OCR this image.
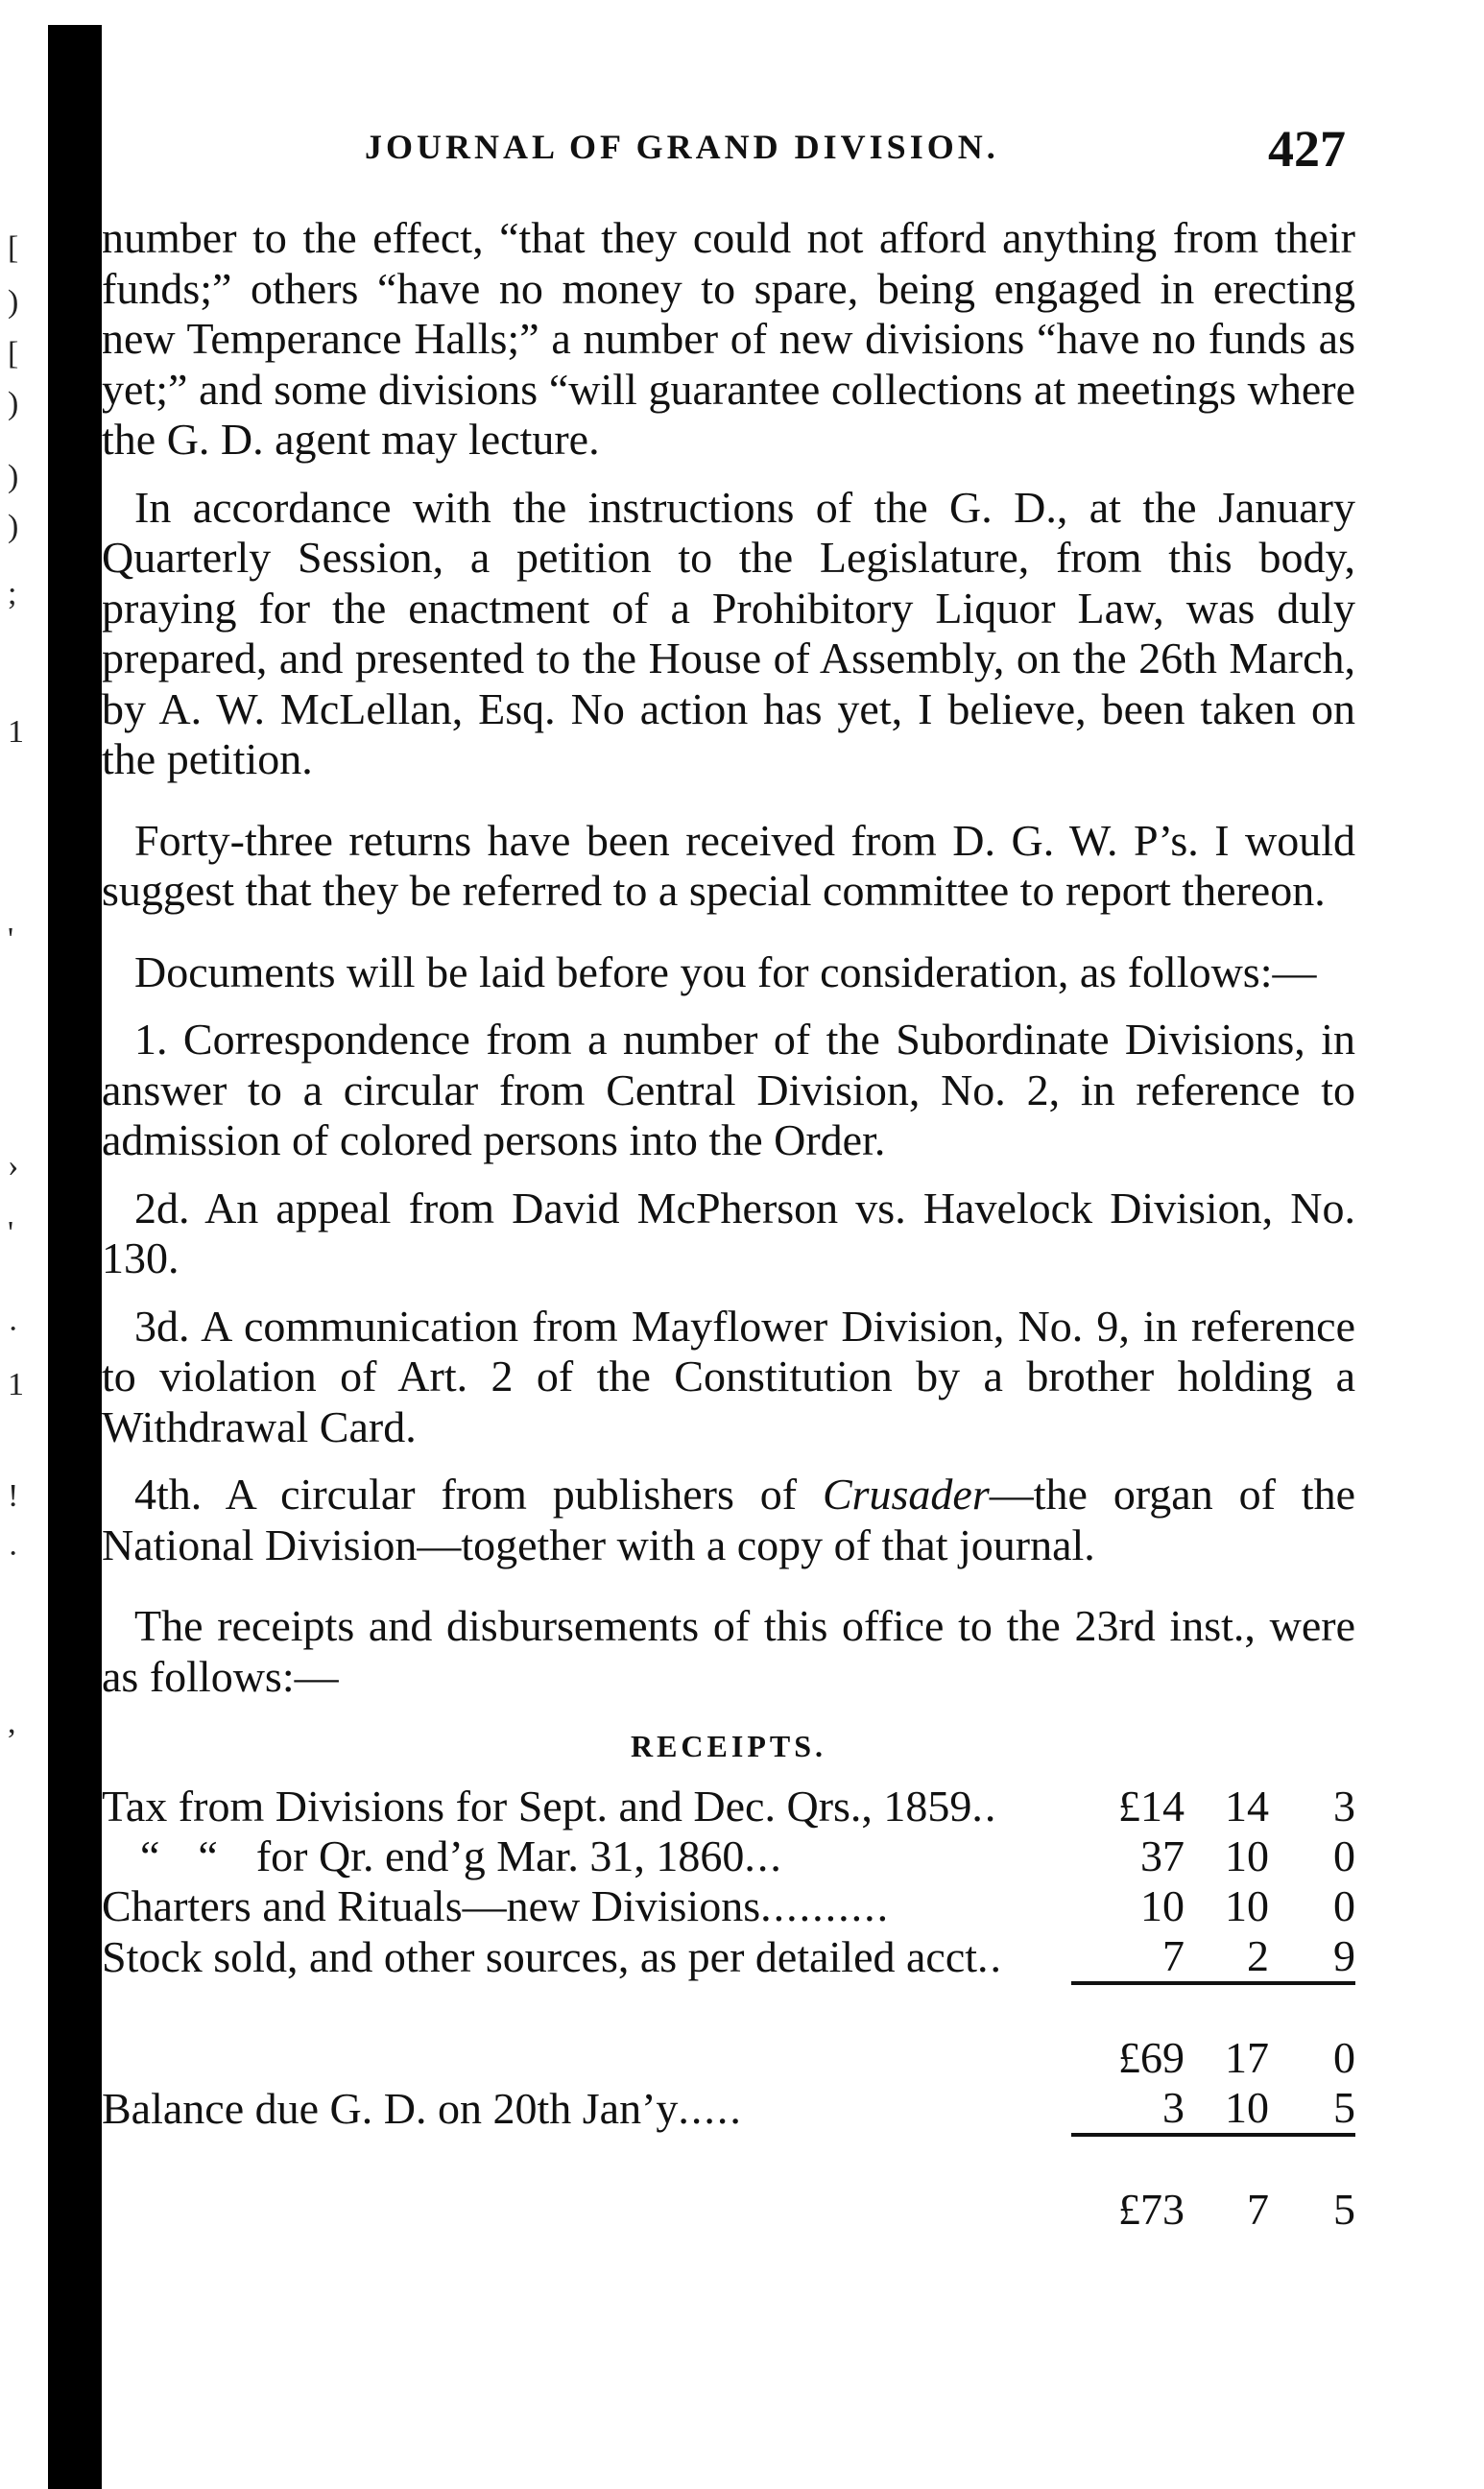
[
)
[
)
)
)
;
1
'
›
'
·
1
!
·
,
JOURNAL OF GRAND DIVISION.	427

number to the effect, “that they could not afford anything from their funds;” others “have no money to spare, being engaged in erecting new Temperance Halls;” a number of new divisions “have no funds as yet;” and some divisions “will guarantee collections at meetings where the G. D. agent may lecture.

In accordance with the instructions of the G. D., at the January Quarterly Session, a petition to the Legislature, from this body, praying for the enactment of a Prohibitory Liquor Law, was duly prepared, and presented to the House of Assembly, on the 26th March, by A. W. McLellan, Esq. No action has yet, I believe, been taken on the petition.

Forty-three returns have been received from D. G. W. P’s. I would suggest that they be referred to a special committee to report thereon.

Documents will be laid before you for consideration, as follows:—

1. Correspondence from a number of the Subordinate Divisions, in answer to a circular from Central Division, No. 2, in reference to admission of colored persons into the Order.

2d. An appeal from David McPherson vs. Havelock Division, No. 130.

3d. A communication from Mayflower Division, No. 9, in reference to violation of Art. 2 of the Constitution by a brother holding a Withdrawal Card.

4th. A circular from publishers of Crusader—the organ of the National Division—together with a copy of that journal.

The receipts and disbursements of this office to the 23rd inst., were as follows:—

RECEIPTS.
Tax from Divisions for Sept. and Dec. Qrs., 1859..	£14	14	3
“ “ for Qr. end’g Mar. 31, 1860...	37	10	0
Charters and Rituals—new Divisions..........	10	10	0
Stock sold, and other sources, as per detailed acct..	7	2	9

	£69	17	0
Balance due G. D. on 20th Jan’y.....	3	10	5

	£73	7	5
